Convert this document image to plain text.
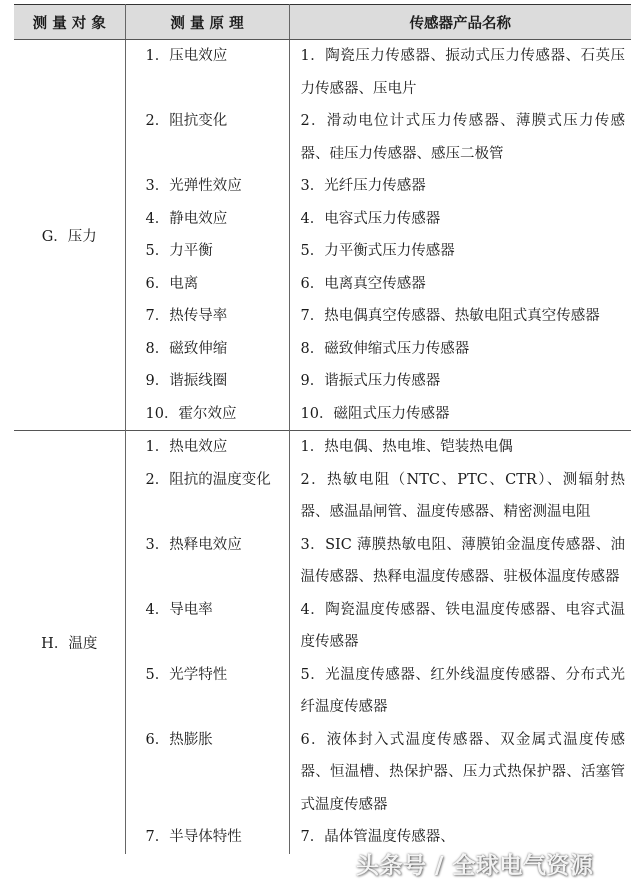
测 量 对 象	测 量 原 理	传感器产品名称
G．压力	1．压电效应	1．陶瓷压力传感器、振动式压力传感器、石英压力传感器、压电片
	2．阻抗变化	2．滑动电位计式压力传感器、薄膜式压力传感器、硅压力传感器、感压二极管
	3．光弹性效应	3．光纤压力传感器
	4．静电效应	4．电容式压力传感器
	5．力平衡	5．力平衡式压力传感器
	6．电离	6．电离真空传感器
	7．热传导率	7．热电偶真空传感器、热敏电阻式真空传感器
	8．磁致伸缩	8．磁致伸缩式压力传感器
	9．谐振线圈	9．谐振式压力传感器
	10．霍尔效应	10．磁阻式压力传感器
H．温度	1．热电效应	1．热电偶、热电堆、铠装热电偶
	2．阻抗的温度变化	2．热敏电阻（NTC、PTC、CTR）、测辐射热器、感温晶闸管、温度传感器、精密测温电阻
	3．热释电效应	3．SIC 薄膜热敏电阻、薄膜铂金温度传感器、油温传感器、热释电温度传感器、驻极体温度传感器
	4．导电率	4．陶瓷温度传感器、铁电温度传感器、电容式温度传感器
	5．光学特性	5．光温度传感器、红外线温度传感器、分布式光纤温度传感器
	6．热膨胀	6．液体封入式温度传感器、双金属式温度传感器、恒温槽、热保护器、压力式热保护器、活塞管式温度传感器
	7．半导体特性	7．晶体管温度传感器、
头条号 / 全球电气资源
